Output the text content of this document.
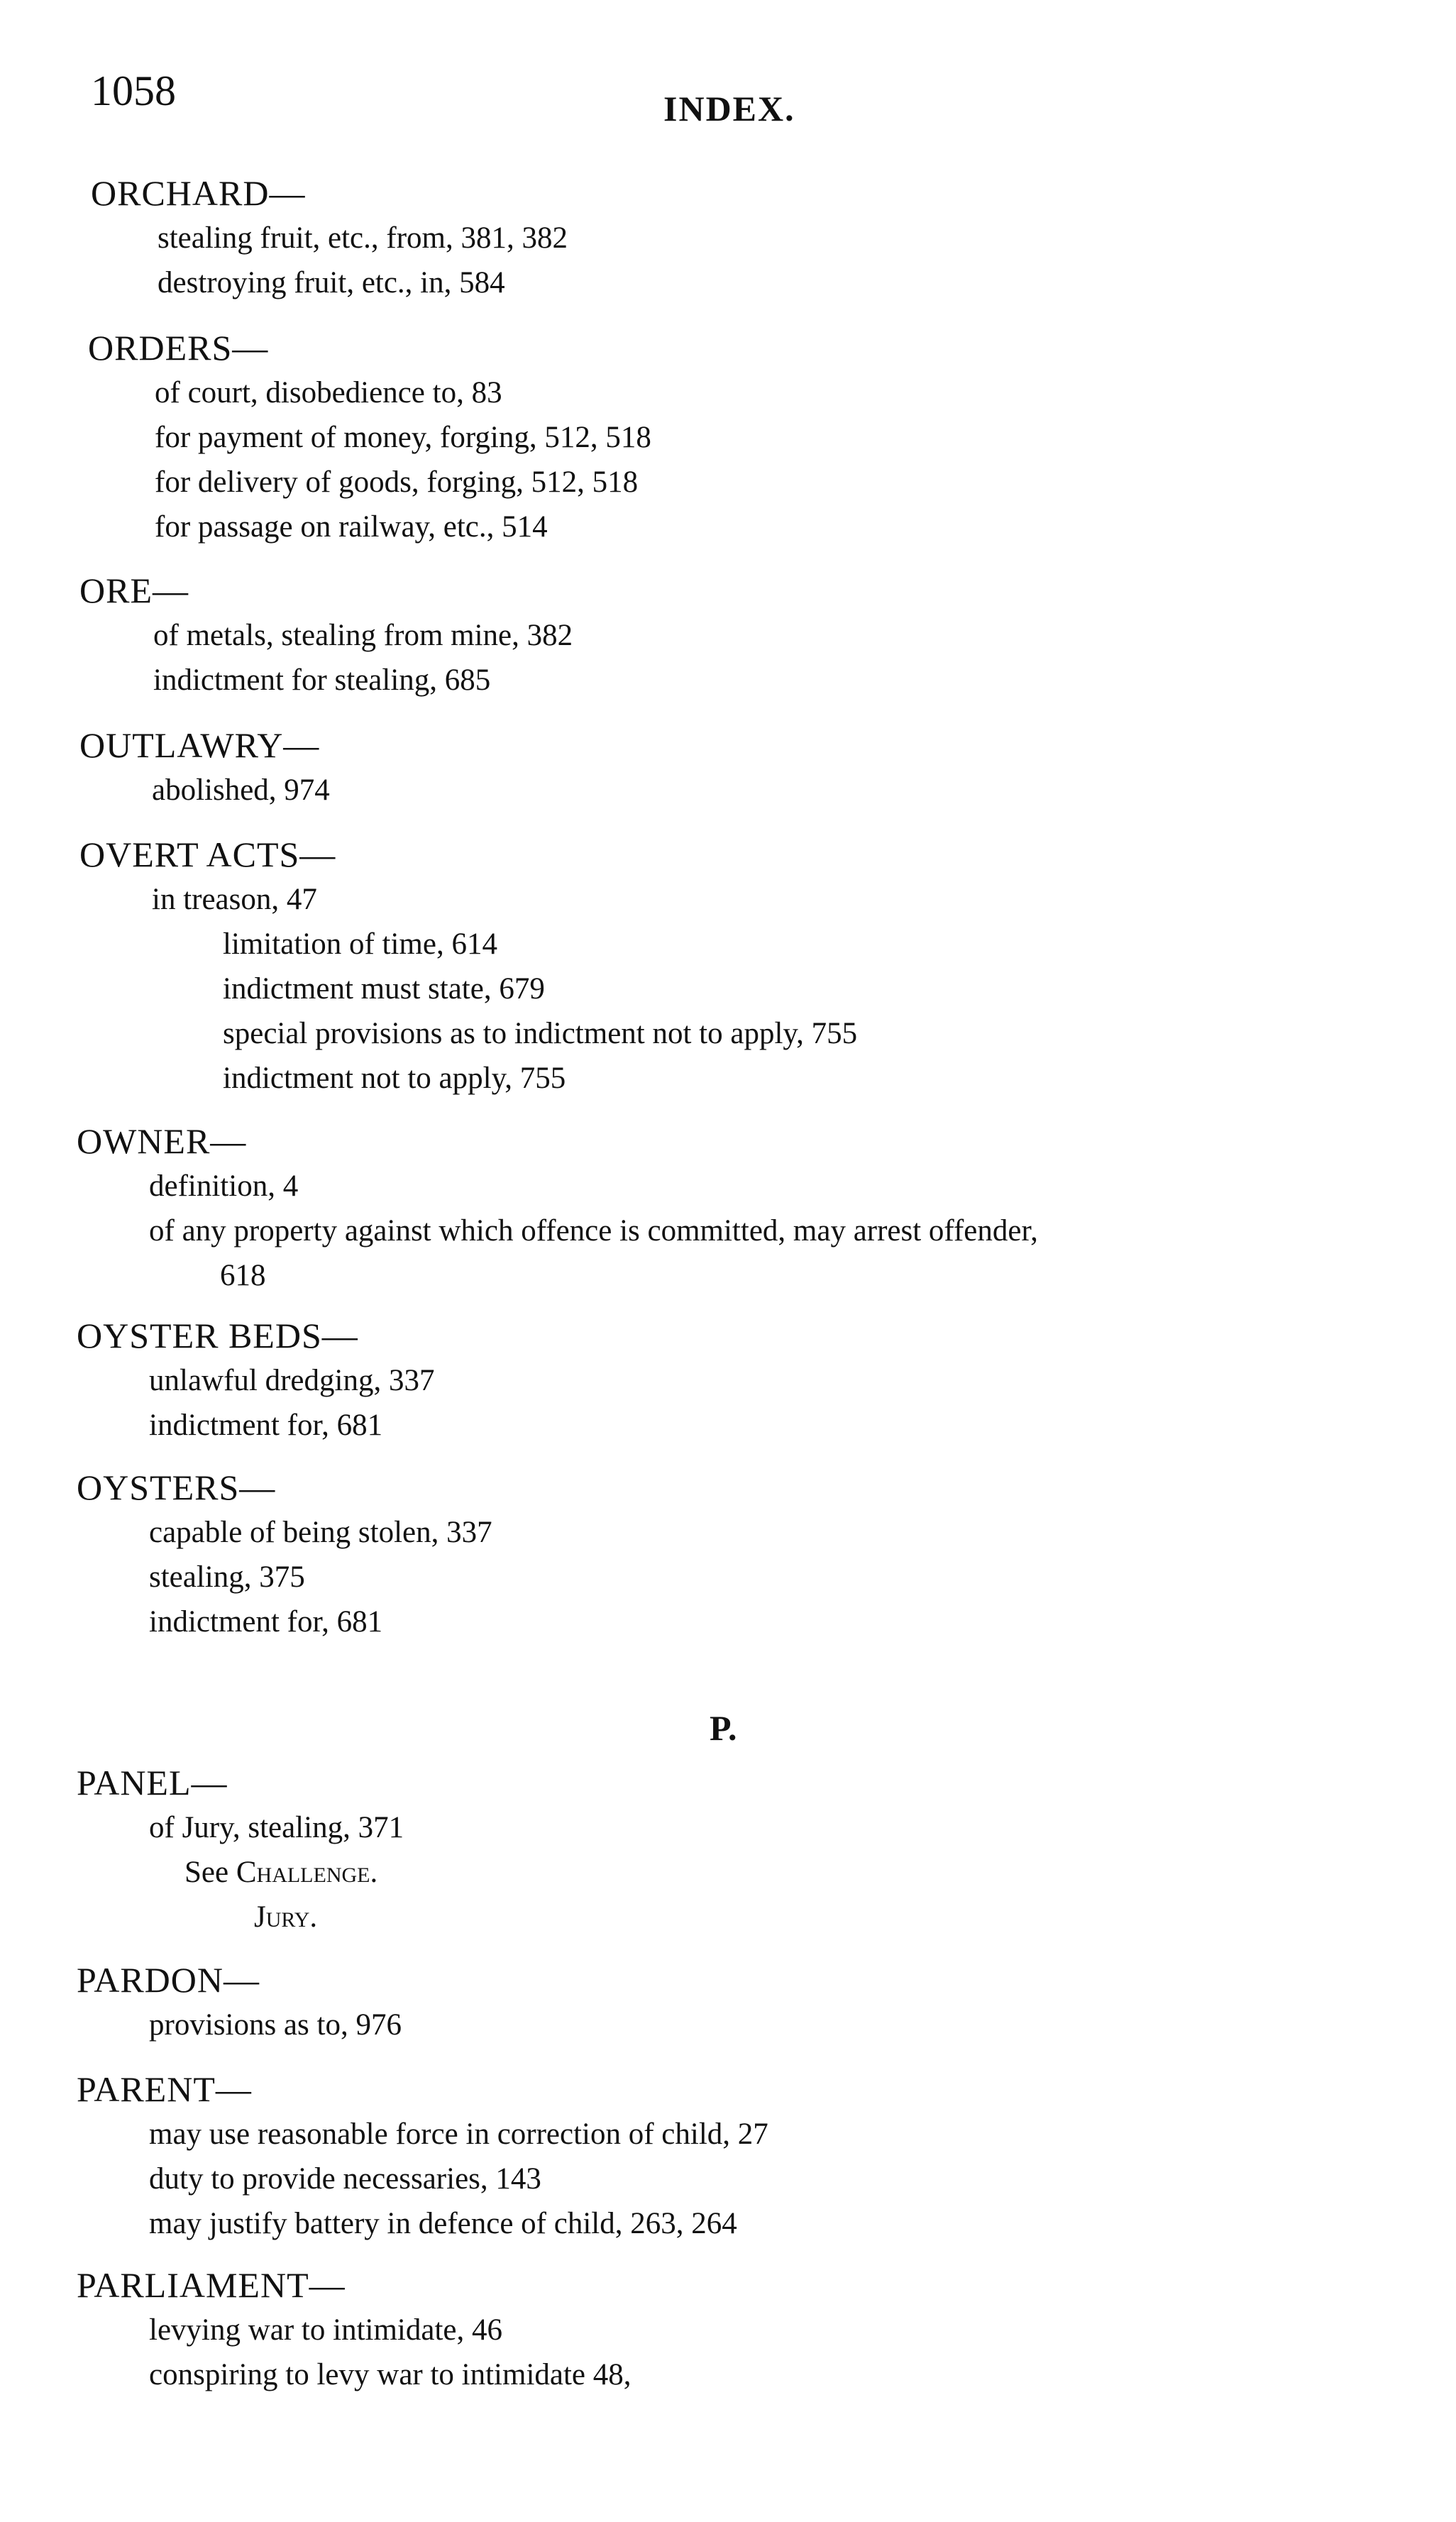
1058	INDEX.
ORCHARD—
stealing fruit, etc., from, 381, 382
destroying fruit, etc., in, 584
ORDERS—
of court, disobedience to, 83
for payment of money, forging, 512, 518
for delivery of goods, forging, 512, 518
for passage on railway, etc., 514
ORE—
of metals, stealing from mine, 382
indictment for stealing, 685
OUTLAWRY—
abolished, 974
OVERT ACTS—
in treason, 47
limitation of time, 614
indictment must state, 679
special provisions as to indictment not to apply, 755
indictment not to apply, 755
OWNER—
definition, 4
of any property against which offence is committed, may arrest offender,
618
OYSTER BEDS—
unlawful dredging, 337
indictment for, 681
OYSTERS—
capable of being stolen, 337
stealing, 375
indictment for, 681
P.
PANEL—
of Jury, stealing, 371
See Challenge.
Jury.
PARDON—
provisions as to, 976
PARENT—
may use reasonable force in correction of child, 27
duty to provide necessaries, 143
may justify battery in defence of child, 263, 264
PARLIAMENT—
levying war to intimidate, 46
conspiring to levy war to intimidate 48,
